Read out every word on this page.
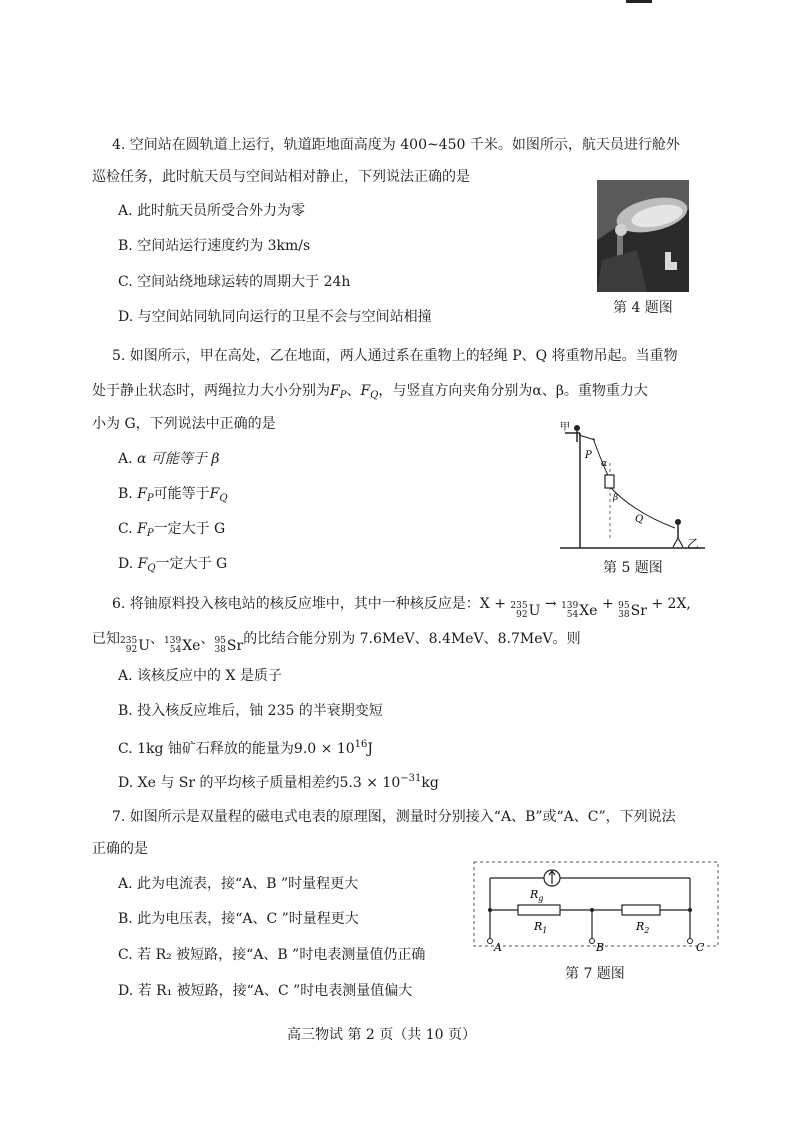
4. 空间站在圆轨道上运行，轨道距地面高度为 400~450 千米。如图所示，航天员进行舱外
巡检任务，此时航天员与空间站相对静止，下列说法正确的是
A. 此时航天员所受合外力为零
B. 空间站运行速度约为 3km/s
C. 空间站绕地球运转的周期大于 24h
D. 与空间站同轨同向运行的卫星不会与空间站相撞
第 4 题图
5. 如图所示，甲在高处，乙在地面，两人通过系在重物上的轻绳 P、Q 将重物吊起。当重物
处于静止状态时，两绳拉力大小分别为$F_P$、$F_Q$，与竖直方向夹角分别为α、β。重物重力大
小为 G，下列说法中正确的是
A. α 可能等于 β
B. $F_P$可能等于$F_Q$
C. $F_P$一定大于 G
D. $F_Q$一定大于 G
甲
P
α
β
Q
乙
第 5 题图
6. 将铀原料投入核电站的核反应堆中，其中一种核反应是：X + 235
92 U → 139
54 Xe + 95
38 Sr + 2X,
已知 235
92 U 、 139
54 Xe 、 95
38 Sr 的比结合能分别为 7.6MeV、8.4MeV、8.7MeV。则
A. 该核反应中的 X 是质子
B. 投入核反应堆后，铀 235 的半衰期变短
C. 1kg 铀矿石释放的能量为$9.0 \times 10^{16}J$
D. Xe 与 Sr 的平均核子质量相差约$5.3 \times 10^{-31}kg$
7. 如图所示是双量程的磁电式电表的原理图，测量时分别接入“A、B”或“A、C”，下列说法
正确的是
A. 此为电流表，接“A、B ”时量程更大
B. 此为电压表，接“A、C ”时量程更大
C. 若 R₂ 被短路，接“A、B ”时电表测量值仍正确
D. 若 R₁ 被短路，接“A、C ”时电表测量值偏大
$R_g$
$R_1$	$R_2$
A	B	C
第 7 题图
高三物试 第 2 页（共 10 页）
